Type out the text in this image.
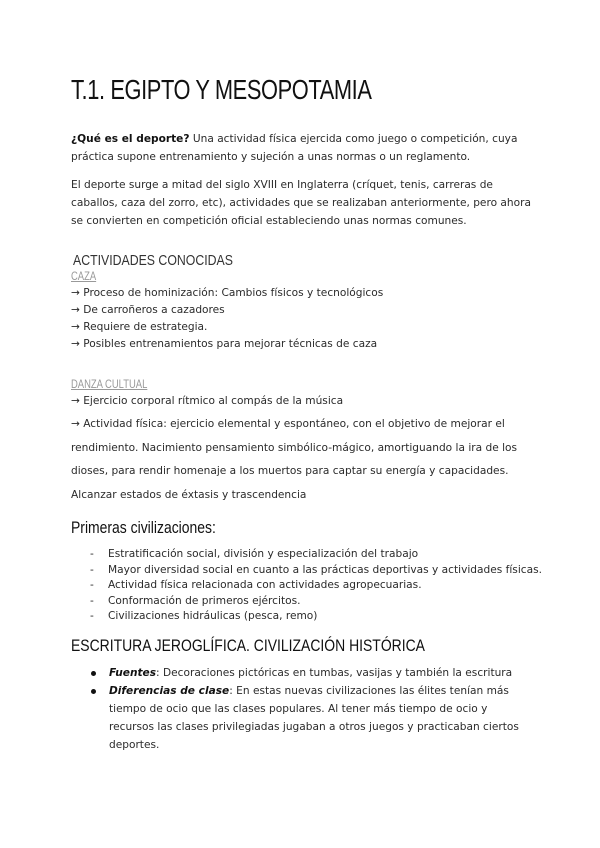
T.1. EGIPTO Y MESOPOTAMIA

¿Qué es el deporte? Una actividad física ejercida como juego o competición, cuya práctica supone entrenamiento y sujeción a unas normas o un reglamento.

El deporte surge a mitad del siglo XVIII en Inglaterra (críquet, tenis, carreras de caballos, caza del zorro, etc), actividades que se realizaban anteriormente, pero ahora se convierten en competición oficial estableciendo unas normas comunes.

ACTIVIDADES CONOCIDAS

CAZA

→ Proceso de hominización: Cambios físicos y tecnológicos

→ De carroñeros a cazadores

→ Requiere de estrategia.

→ Posibles entrenamientos para mejorar técnicas de caza

DANZA CULTUAL

→ Ejercicio corporal rítmico al compás de la música

→ Actividad física: ejercicio elemental y espontáneo, con el objetivo de mejorar el rendimiento. Nacimiento pensamiento simbólico-mágico, amortiguando la ira de los dioses, para rendir homenaje a los muertos para captar su energía y capacidades. Alcanzar estados de éxtasis y trascendencia

Primeras civilizaciones:
- Estratificación social, división y especialización del trabajo
- Mayor diversidad social en cuanto a las prácticas deportivas y actividades físicas.
- Actividad física relacionada con actividades agropecuarias.
- Conformación de primeros ejércitos.
- Civilizaciones hidráulicas (pesca, remo)
ESCRITURA JEROGLÍFICA. CIVILIZACIÓN HISTÓRICA
Fuentes: Decoraciones pictóricas en tumbas, vasijas y también la escritura
Diferencias de clase: En estas nuevas civilizaciones las élites tenían más tiempo de ocio que las clases populares. Al tener más tiempo de ocio y recursos las clases privilegiadas jugaban a otros juegos y practicaban ciertos deportes.
